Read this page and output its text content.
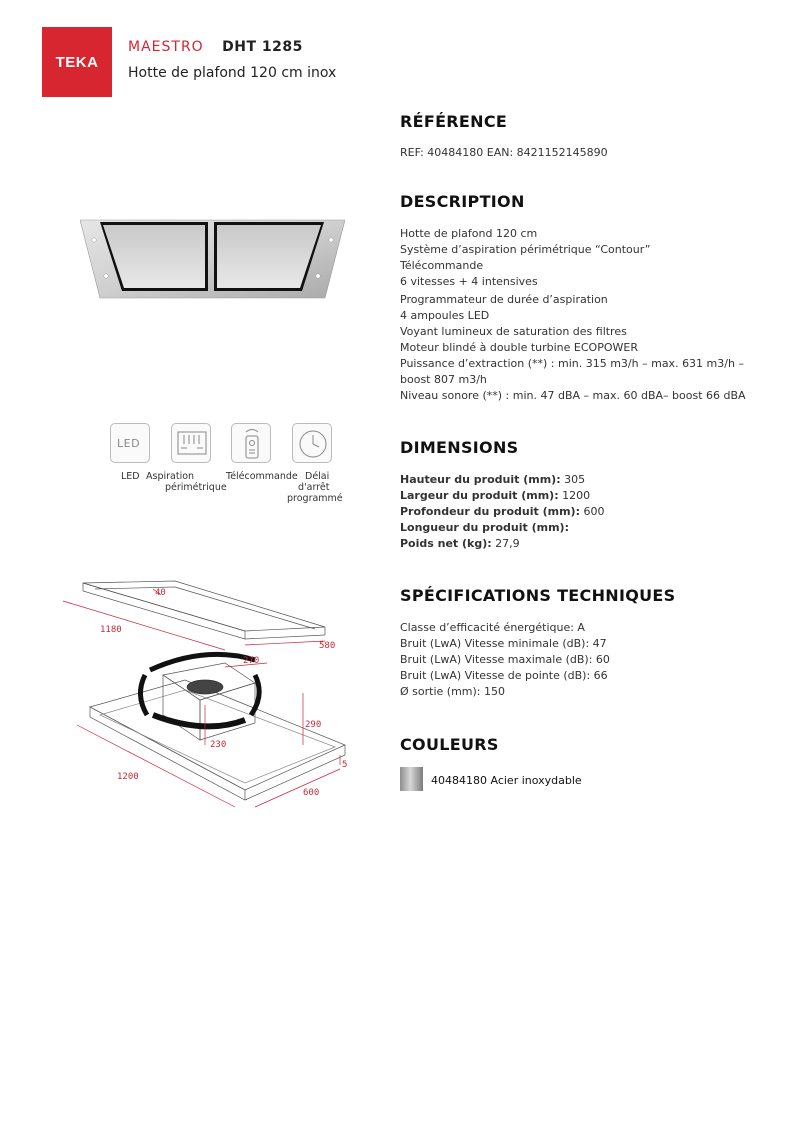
TEKA
MAESTRO DHT 1285
Hotte de plafond 120 cm inox
LED
LED Aspiration
périmétrique
Télécommande Délai
d'arrêt
programmé
40
1180
580
270
290
230
1200
600
5
RÉFÉRENCE
REF: 40484180 EAN: 8421152145890
DESCRIPTION
Hotte de plafond 120 cm
Système d’aspiration périmétrique “Contour”
Télécommande
6 vitesses + 4 intensives
Programmateur de durée d’aspiration
4 ampoules LED
Voyant lumineux de saturation des filtres
Moteur blindé à double turbine ECOPOWER
Puissance d’extraction (**) : min. 315 m3/h – max. 631 m3/h –
boost 807 m3/h
Niveau sonore (**) : min. 47 dBA – max. 60 dBA– boost 66 dBA
DIMENSIONS
Hauteur du produit (mm): 305
Largeur du produit (mm): 1200
Profondeur du produit (mm): 600
Longueur du produit (mm):
Poids net (kg): 27,9
SPÉCIFICATIONS TECHNIQUES
Classe d’efficacité énergétique: A
Bruit (LwA) Vitesse minimale (dB): 47
Bruit (LwA) Vitesse maximale (dB): 60
Bruit (LwA) Vitesse de pointe (dB): 66
Ø sortie (mm): 150
COULEURS
40484180 Acier inoxydable
